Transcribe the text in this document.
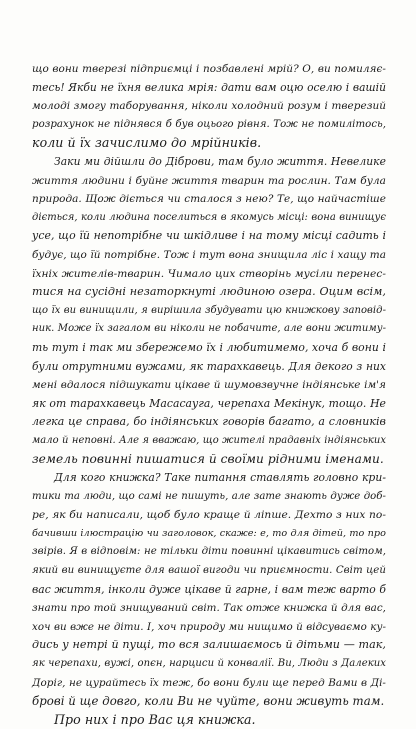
що вони тверезі підприємці і позбавлені мрій? О, ви помиляє-
тесь! Якби не їхня велика мрія: дати вам оцю оселю і вашій
молоді змогу таборування, ніколи холодний розум і тверезий
розрахунок не піднявся б був оцього рівня. Тож не помиліmось,
коли й їх зачислимо до мрійників.
Заки ми дійшли до Діброви, там було життя. Невелике
життя людини і буйне життя тварин та рослин. Там була
природа. Щож діється чи сталося з нею? Те, що найчастіше
діється, коли людина поселиться в якомусь місці: вона винищує
усе, що їй непотрібне чи шкідливе і на тому місці садить і
будує, що їй потрібне. Тож і тут вона знищила ліс і хащу та
їхніх жителів-тварин. Чимало цих створінь мусіли перенес-
тися на сусідні незаторкнуті людиною озера. Оцим всім,
що їх ви винищили, я вирішила збудувати цю книжкову заповід-
ник. Може їх загалом ви ніколи не побачите, але вони житиму-
ть тут і так ми збережемо їх і любитимемо, хоча б вони і
були отрутними вужами, як тарахкавець. Для декого з них
мені вдалося підшукати цікаве й шумовзвучне індіянське ім'я
як от тарахкавець Масасауга, черепаха Мекінук, тощо. Не
легка це справа, бо індіянських говорів багато, а словників
мало й неповні. Але я вважаю, що жителі прадавніх індіянських
земель повинні пишатися й своїми рідними іменами.
Для кого книжка? Таке питання ставлять головно кри-
тики та люди, що самі не пишуть, але зате знають дуже доб-
ре, як би написали, щоб було краще й ліпше. Дехто з них по-
бачивши ілюстрацію чи заголовок, скаже: е, то для дітей, то про
звірів. Я в відповім: не тільки діти повинні цікавитись світом,
який ви винищуєте для вашої вигоди чи приємности. Світ цей
вас життя, інколи дуже цікаве й гарне, і вам теж варто б
знати про той знищуваний світ. Так отже книжка й для вас,
хоч ви вже не діти. І, хоч природу ми нищимо й відсуваємо ку-
дись у нетрі й пущі, то вся залишаємось й дітьми — так,
як черепахи, вужі, опєн, нарциси й конвалії. Ви, Люди з Далеких
Доріг, не цурайтесь їх теж, бо вони були ще перед Вами в Ді-
брові й ще довго, коли Ви не чуйте, вони живуть там.
Про них і про Вас ця книжка.
